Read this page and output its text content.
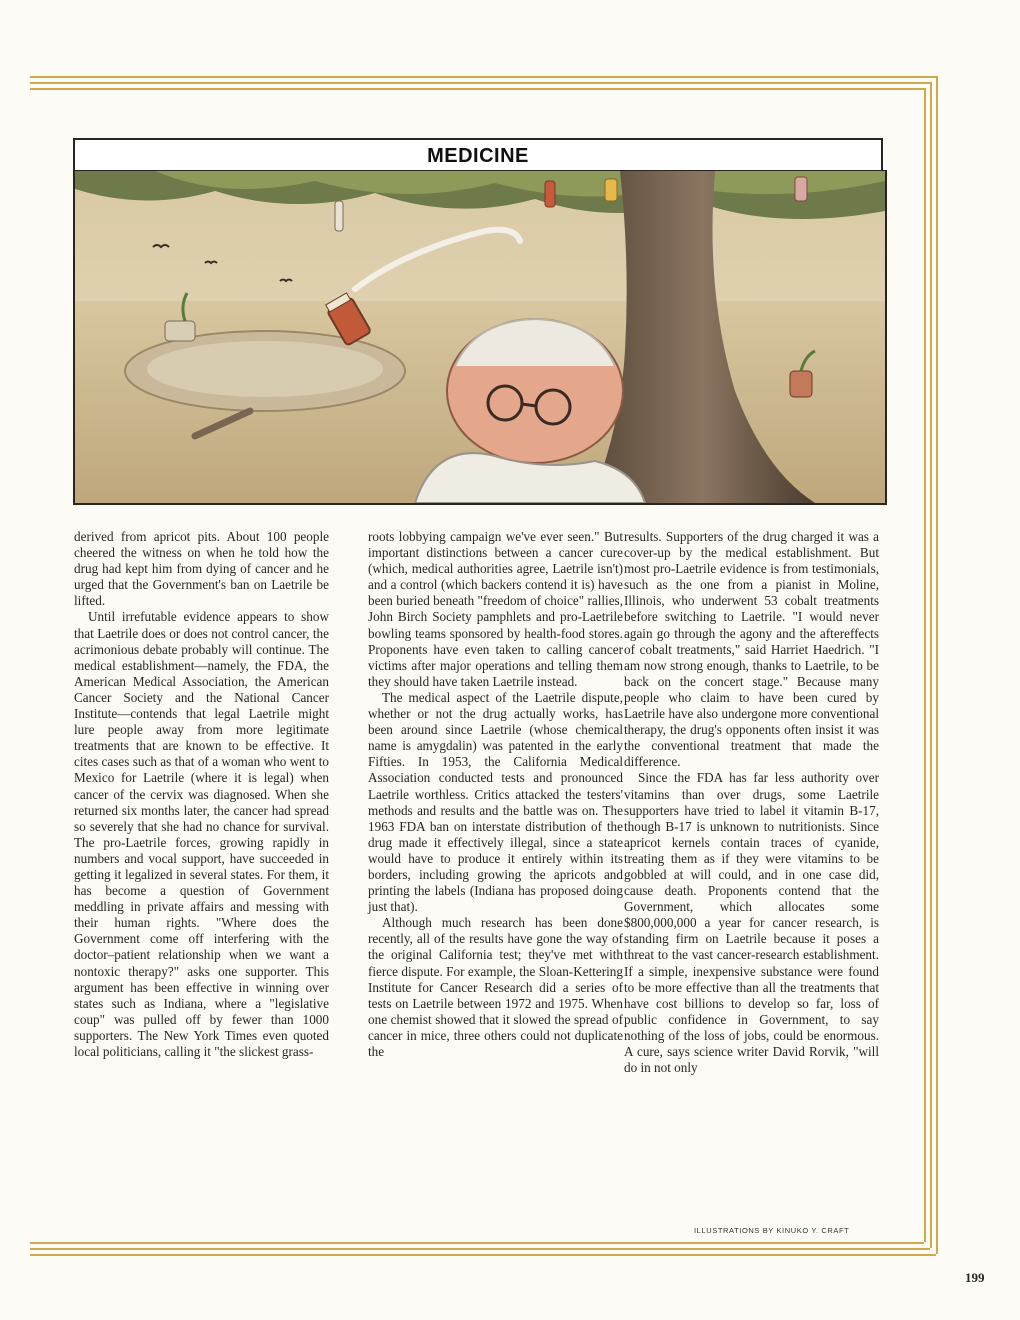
MEDICINE

derived from apricot pits. About 100 people cheered the witness on when he told how the drug had kept him from dying of cancer and he urged that the Government's ban on Laetrile be lifted.

Until irrefutable evidence appears to show that Laetrile does or does not control cancer, the acrimonious debate probably will continue. The medical establishment—namely, the FDA, the American Medical Association, the American Cancer Society and the National Cancer Institute—contends that legal Laetrile might lure people away from more legitimate treatments that are known to be effective. It cites cases such as that of a woman who went to Mexico for Laetrile (where it is legal) when cancer of the cervix was diagnosed. When she returned six months later, the cancer had spread so severely that she had no chance for survival. The pro-Laetrile forces, growing rapidly in numbers and vocal support, have succeeded in getting it legalized in several states. For them, it has become a question of Government meddling in private affairs and messing with their human rights. "Where does the Government come off interfering with the doctor–patient relationship when we want a nontoxic therapy?" asks one supporter. This argument has been effective in winning over states such as Indiana, where a "legislative coup" was pulled off by fewer than 1000 supporters. The New York Times even quoted local politicians, calling it "the slickest grass-

roots lobbying campaign we've ever seen." But important distinctions between a cancer cure (which, medical authorities agree, Laetrile isn't) and a control (which backers contend it is) have been buried beneath "freedom of choice" rallies, John Birch Society pamphlets and pro-Laetrile bowling teams sponsored by health-food stores. Proponents have even taken to calling cancer victims after major operations and telling them they should have taken Laetrile instead.

The medical aspect of the Laetrile dispute, whether or not the drug actually works, has been around since Laetrile (whose chemical name is amygdalin) was patented in the early Fifties. In 1953, the California Medical Association conducted tests and pronounced Laetrile worthless. Critics attacked the testers' methods and results and the battle was on. The 1963 FDA ban on interstate distribution of the drug made it effectively illegal, since a state would have to produce it entirely within its borders, including growing the apricots and printing the labels (Indiana has proposed doing just that).

Although much research has been done recently, all of the results have gone the way of the original California test; they've met with fierce dispute. For example, the Sloan-Kettering Institute for Cancer Research did a series of tests on Laetrile between 1972 and 1975. When one chemist showed that it slowed the spread of cancer in mice, three others could not duplicate the

results. Supporters of the drug charged it was a cover-up by the medical establishment. But most pro-Laetrile evidence is from testimonials, such as the one from a pianist in Moline, Illinois, who underwent 53 cobalt treatments before switching to Laetrile. "I would never again go through the agony and the aftereffects of cobalt treatments," said Harriet Haedrich. "I am now strong enough, thanks to Laetrile, to be back on the concert stage." Because many people who claim to have been cured by Laetrile have also undergone more conventional therapy, the drug's opponents often insist it was the conventional treatment that made the difference.

Since the FDA has far less authority over vitamins than over drugs, some Laetrile supporters have tried to label it vitamin B-17, though B-17 is unknown to nutritionists. Since apricot kernels contain traces of cyanide, treating them as if they were vitamins to be gobbled at will could, and in one case did, cause death. Proponents contend that the Government, which allocates some $800,000,000 a year for cancer research, is standing firm on Laetrile because it poses a threat to the vast cancer-research establishment. If a simple, inexpensive substance were found to be more effective than all the treatments that have cost billions to develop so far, loss of public confidence in Government, to say nothing of the loss of jobs, could be enormous. A cure, says science writer David Rorvik, "will do in not only

ILLUSTRATIONS BY KINUKO Y. CRAFT
199
